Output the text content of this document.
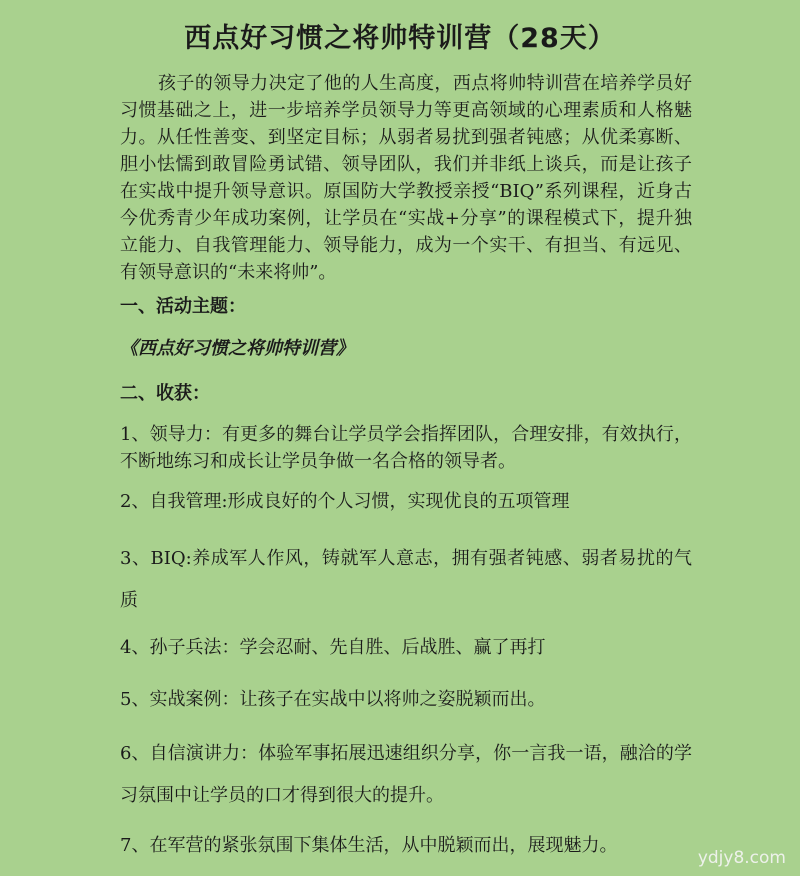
西点好习惯之将帅特训营（28天）

孩子的领导力决定了他的人生高度，西点将帅特训营在培养学员好习惯基础之上，进一步培养学员领导力等更高领域的心理素质和人格魅力。从任性善变、到坚定目标；从弱者易扰到强者钝感；从优柔寡断、胆小怯懦到敢冒险勇试错、领导团队，我们并非纸上谈兵，而是让孩子在实战中提升领导意识。原国防大学教授亲授“BIQ”系列课程，近身古今优秀青少年成功案例，让学员在“实战+分享”的课程模式下，提升独立能力、自我管理能力、领导能力，成为一个实干、有担当、有远见、有领导意识的“未来将帅”。

一、活动主题：

《西点好习惯之将帅特训营》

二、收获：

1、领导力：有更多的舞台让学员学会指挥团队，合理安排，有效执行，不断地练习和成长让学员争做一名合格的领导者。

2、自我管理:形成良好的个人习惯，实现优良的五项管理

3、BIQ:养成军人作风，铸就军人意志，拥有强者钝感、弱者易扰的气质

4、孙子兵法：学会忍耐、先自胜、后战胜、赢了再打

5、实战案例：让孩子在实战中以将帅之姿脱颖而出。

6、自信演讲力：体验军事拓展迅速组织分享，你一言我一语，融洽的学习氛围中让学员的口才得到很大的提升。

7、在军营的紧张氛围下集体生活，从中脱颖而出，展现魅力。

ydjy8.com
